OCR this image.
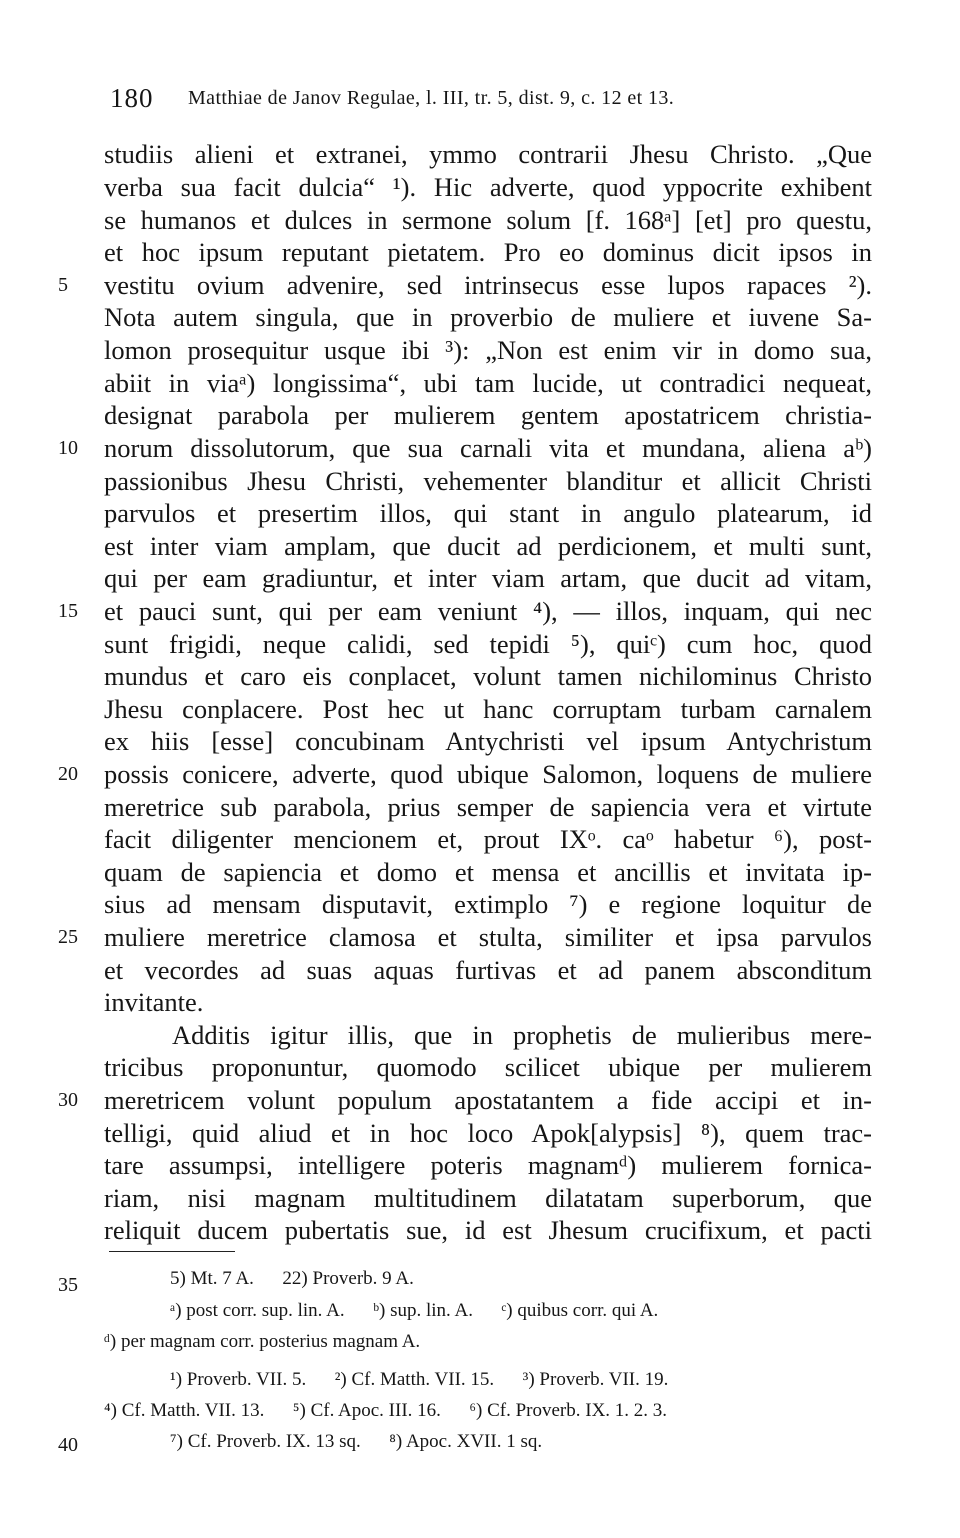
180 Matthiae de Janov Regulae, l. III, tr. 5, dist. 9, c. 12 et 13.
studiis alieni et extranei, ymmo contrarii Jhesu Christo. „Que
verba sua facit dulcia“ ¹). Hic adverte, quod yppocrite exhibent
se humanos et dulces in sermone solum [f. 168ᵃ] [et] pro questu,
et hoc ipsum reputant pietatem. Pro eo dominus dicit ipsos in
vestitu ovium advenire, sed intrinsecus esse lupos rapaces ²).
Nota autem singula, que in proverbio de muliere et iuvene Sa-
lomon prosequitur usque ibi ³): „Non est enim vir in domo sua,
abiit in viaᵃ) longissima“, ubi tam lucide, ut contradici nequeat,
designat parabola per mulierem gentem apostatricem christia-
norum dissolutorum, que sua carnali vita et mundana, aliena aᵇ)
passionibus Jhesu Christi, vehementer blanditur et allicit Christi
parvulos et presertim illos, qui stant in angulo platearum, id
est inter viam amplam, que ducit ad perdicionem, et multi sunt,
qui per eam gradiuntur, et inter viam artam, que ducit ad vitam,
et pauci sunt, qui per eam veniunt ⁴), — illos, inquam, qui nec
sunt frigidi, neque calidi, sed tepidi ⁵), quiᶜ) cum hoc, quod
mundus et caro eis conplacet, volunt tamen nichilominus Christo
Jhesu conplacere. Post hec ut hanc corruptam turbam carnalem
ex hiis [esse] concubinam Antychristi vel ipsum Antychristum
possis conicere, adverte, quod ubique Salomon, loquens de muliere
meretrice sub parabola, prius semper de sapiencia vera et virtute
facit diligenter mencionem et, prout IXᵒ. caᵒ habetur ⁶), post-
quam de sapiencia et domo et mensa et ancillis et invitata ip-
sius ad mensam disputavit, extimplo ⁷) e regione loquitur de
muliere meretrice clamosa et stulta, similiter et ipsa parvulos
et vecordes ad suas aquas furtivas et ad panem absconditum
invitante.
Additis igitur illis, que in prophetis de mulieribus mere-
tricibus proponuntur, quomodo scilicet ubique per mulierem
meretricem volunt populum apostatantem a fide accipi et in-
telligi, quid aliud et in hoc loco Apok[alypsis] ⁸), quem trac-
tare assumpsi, intelligere poteris magnamᵈ) mulierem fornica-
riam, nisi magnam multitudinem dilatatam superborum, que
reliquit ducem pubertatis sue, id est Jhesum crucifixum, et pacti
5
10
15
20
25
30
35
40
5) Mt. 7 A.      22) Proverb. 9 A.
ᵃ) post corr. sup. lin. A.      ᵇ) sup. lin. A.      ᶜ) quibus corr. qui A.
ᵈ) per magnam corr. posterius magnam A.
¹) Proverb. VII. 5.      ²) Cf. Matth. VII. 15.      ³) Proverb. VII. 19.
⁴) Cf. Matth. VII. 13.      ⁵) Cf. Apoc. III. 16.      ⁶) Cf. Proverb. IX. 1. 2. 3.
⁷) Cf. Proverb. IX. 13 sq.      ⁸) Apoc. XVII. 1 sq.
